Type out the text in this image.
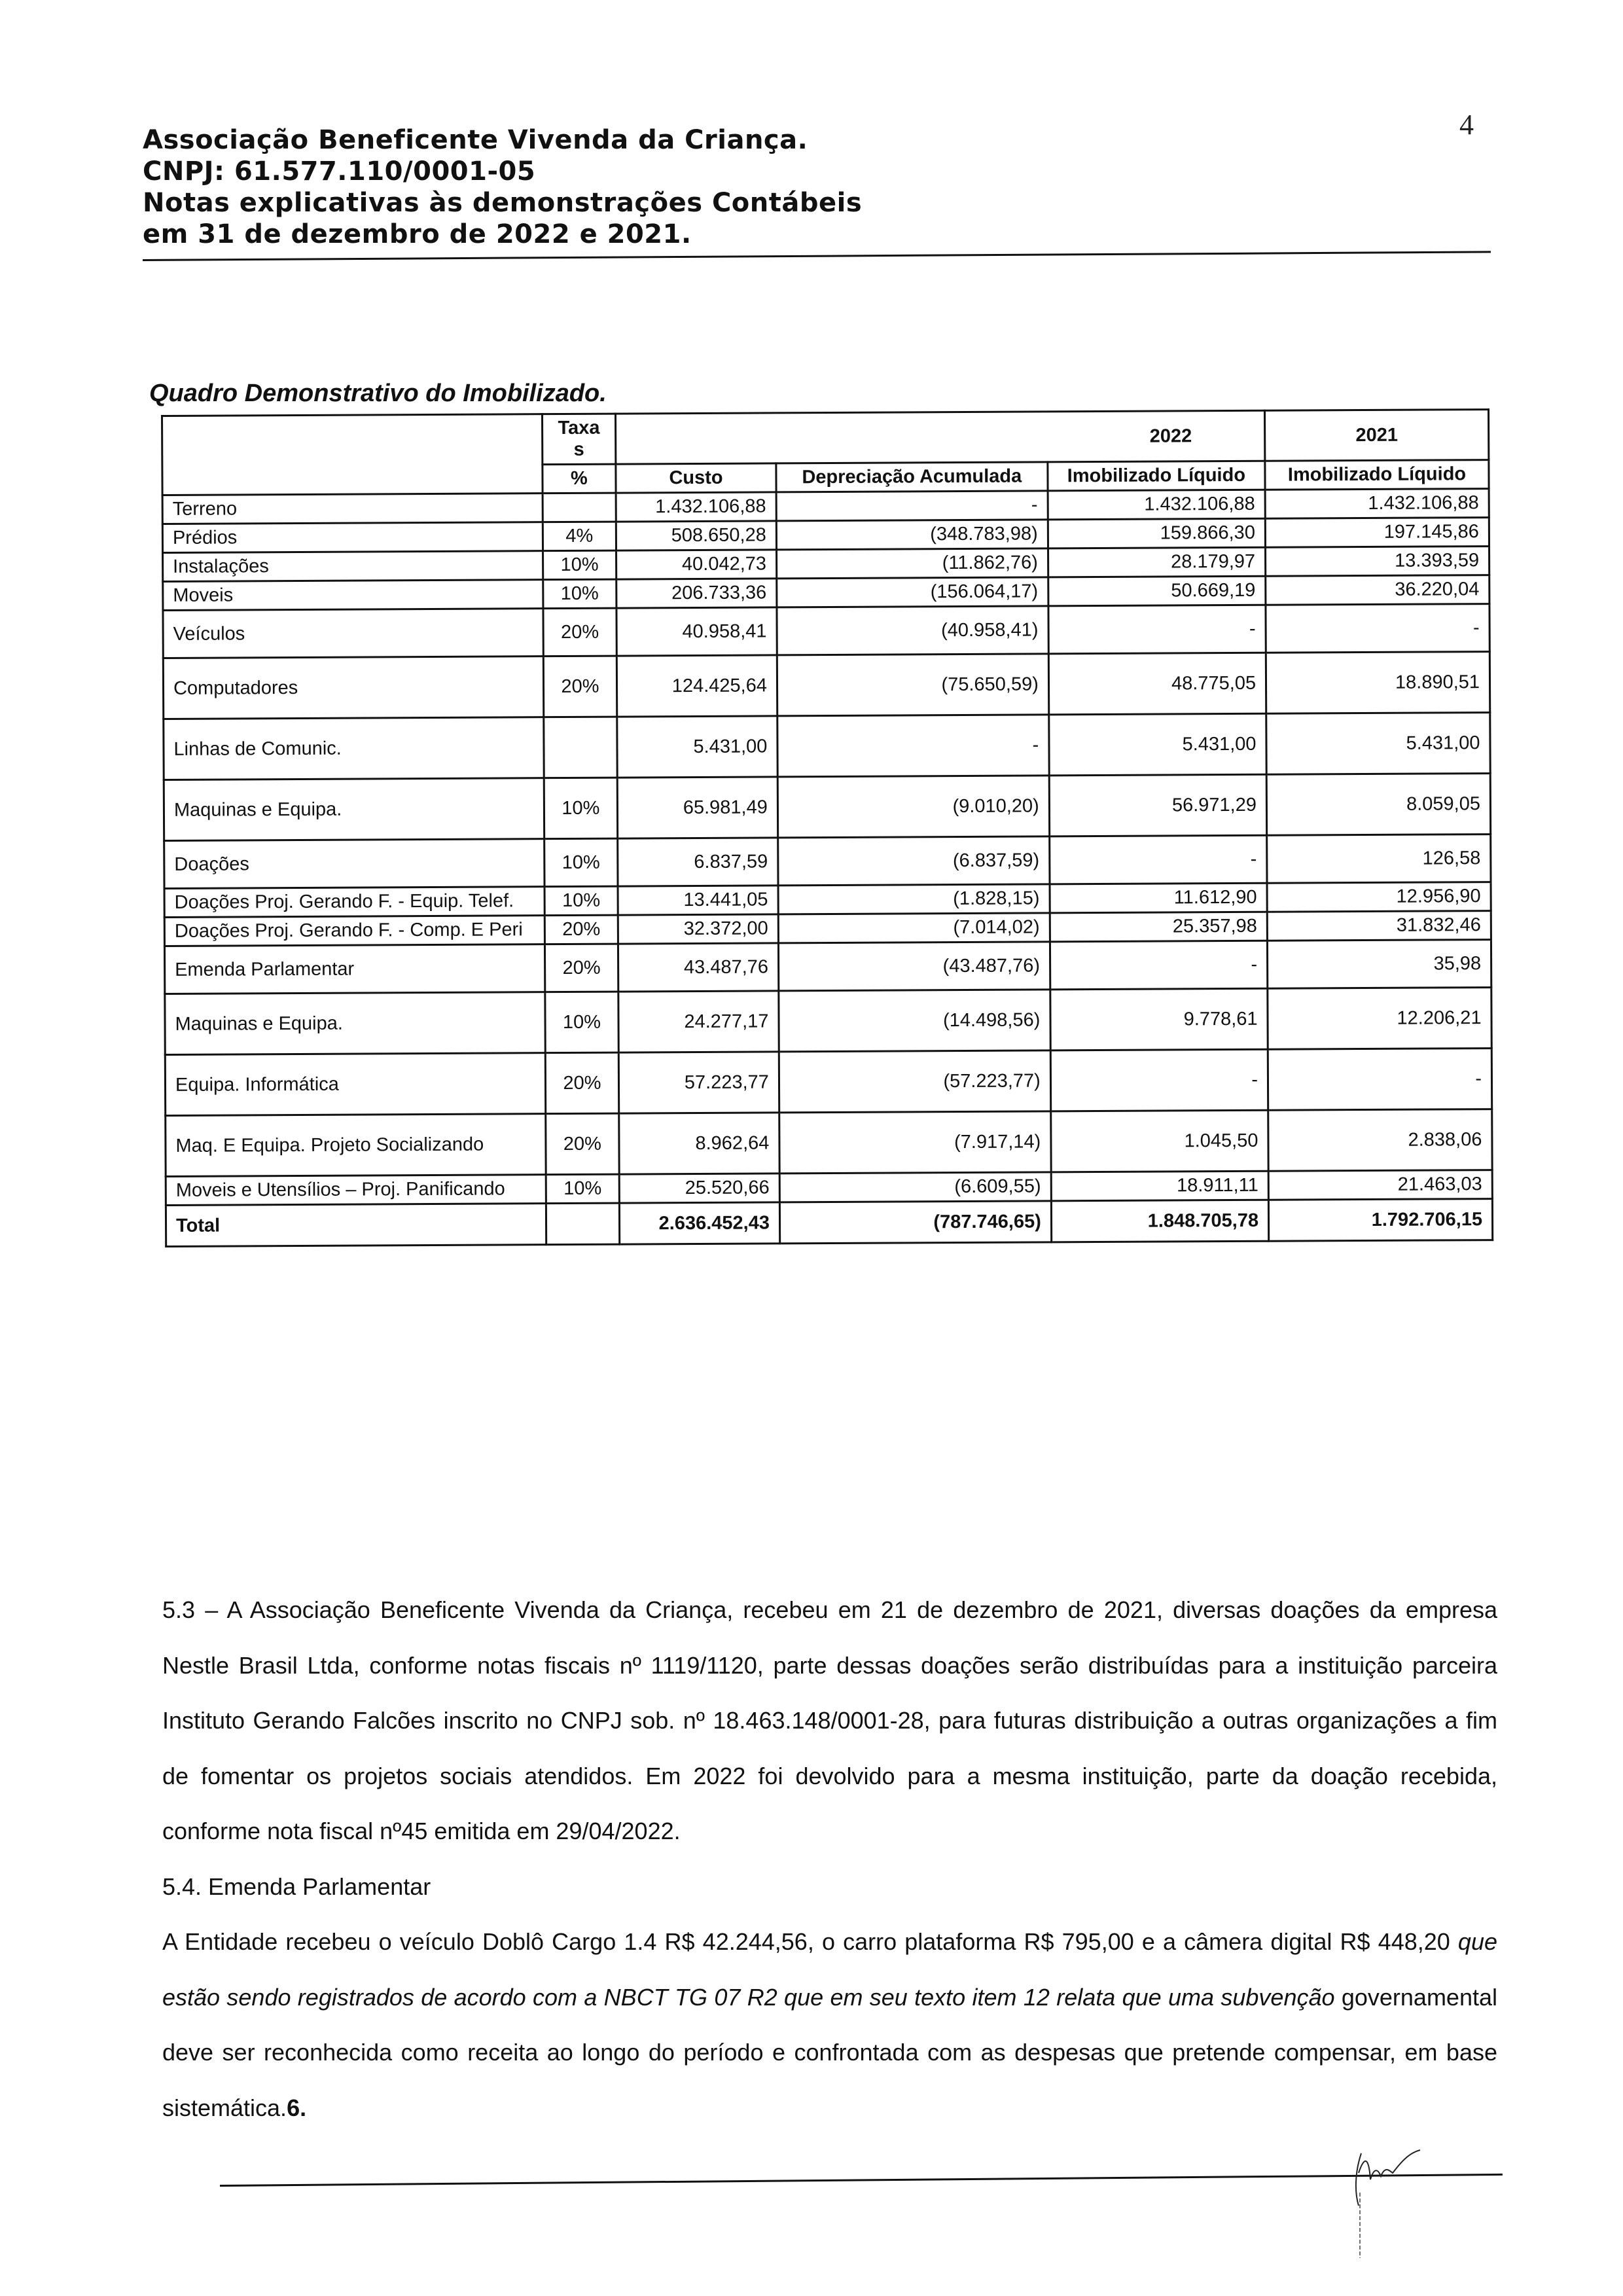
4
Associação Beneficente Vivenda da Criança.
CNPJ: 61.577.110/0001-05
Notas explicativas às demonstrações Contábeis
em 31 de dezembro de 2022 e 2021.
Quadro Demonstrativo do Imobilizado.
	Taxa s	2022			2021
	%	Custo	Depreciação Acumulada	Imobilizado Líquido	Imobilizado Líquido
Terreno		1.432.106,88	-	1.432.106,88	1.432.106,88
Prédios	4%	508.650,28	(348.783,98)	159.866,30	197.145,86
Instalações	10%	40.042,73	(11.862,76)	28.179,97	13.393,59
Moveis	10%	206.733,36	(156.064,17)	50.669,19	36.220,04
Veículos	20%	40.958,41	(40.958,41)	-	-
Computadores	20%	124.425,64	(75.650,59)	48.775,05	18.890,51
Linhas de Comunic.		5.431,00	-	5.431,00	5.431,00
Maquinas e Equipa.	10%	65.981,49	(9.010,20)	56.971,29	8.059,05
Doações	10%	6.837,59	(6.837,59)	-	126,58
Doações Proj. Gerando F. - Equip. Telef.	10%	13.441,05	(1.828,15)	11.612,90	12.956,90
Doações Proj. Gerando F. - Comp. E Peri	20%	32.372,00	(7.014,02)	25.357,98	31.832,46
Emenda Parlamentar	20%	43.487,76	(43.487,76)	-	35,98
Maquinas e Equipa.	10%	24.277,17	(14.498,56)	9.778,61	12.206,21
Equipa. Informática	20%	57.223,77	(57.223,77)	-	-
Maq. E Equipa. Projeto Socializando	20%	8.962,64	(7.917,14)	1.045,50	2.838,06
Moveis e Utensílios – Proj. Panificando	10%	25.520,66	(6.609,55)	18.911,11	21.463,03
Total		2.636.452,43	(787.746,65)	1.848.705,78	1.792.706,15

5.3 – A Associação Beneficente Vivenda da Criança, recebeu em 21 de dezembro de 2021, diversas doações da empresa Nestle Brasil Ltda, conforme notas fiscais nº 1119/1120, parte dessas doações serão distribuídas para a instituição parceira Instituto Gerando Falcões inscrito no CNPJ sob. nº 18.463.148/0001-28, para futuras distribuição a outras organizações a fim de fomentar os projetos sociais atendidos. Em 2022 foi devolvido para a mesma instituição, parte da doação recebida, conforme nota fiscal nº45 emitida em 29/04/2022.

5.4. Emenda Parlamentar

A Entidade recebeu o veículo Doblô Cargo 1.4 R$ 42.244,56, o carro plataforma R$ 795,00 e a câmera digital R$ 448,20 que estão sendo registrados de acordo com a NBCT TG 07 R2 que em seu texto item 12 relata que uma subvenção governamental deve ser reconhecida como receita ao longo do período e confrontada com as despesas que pretende compensar, em base sistemática.6.
